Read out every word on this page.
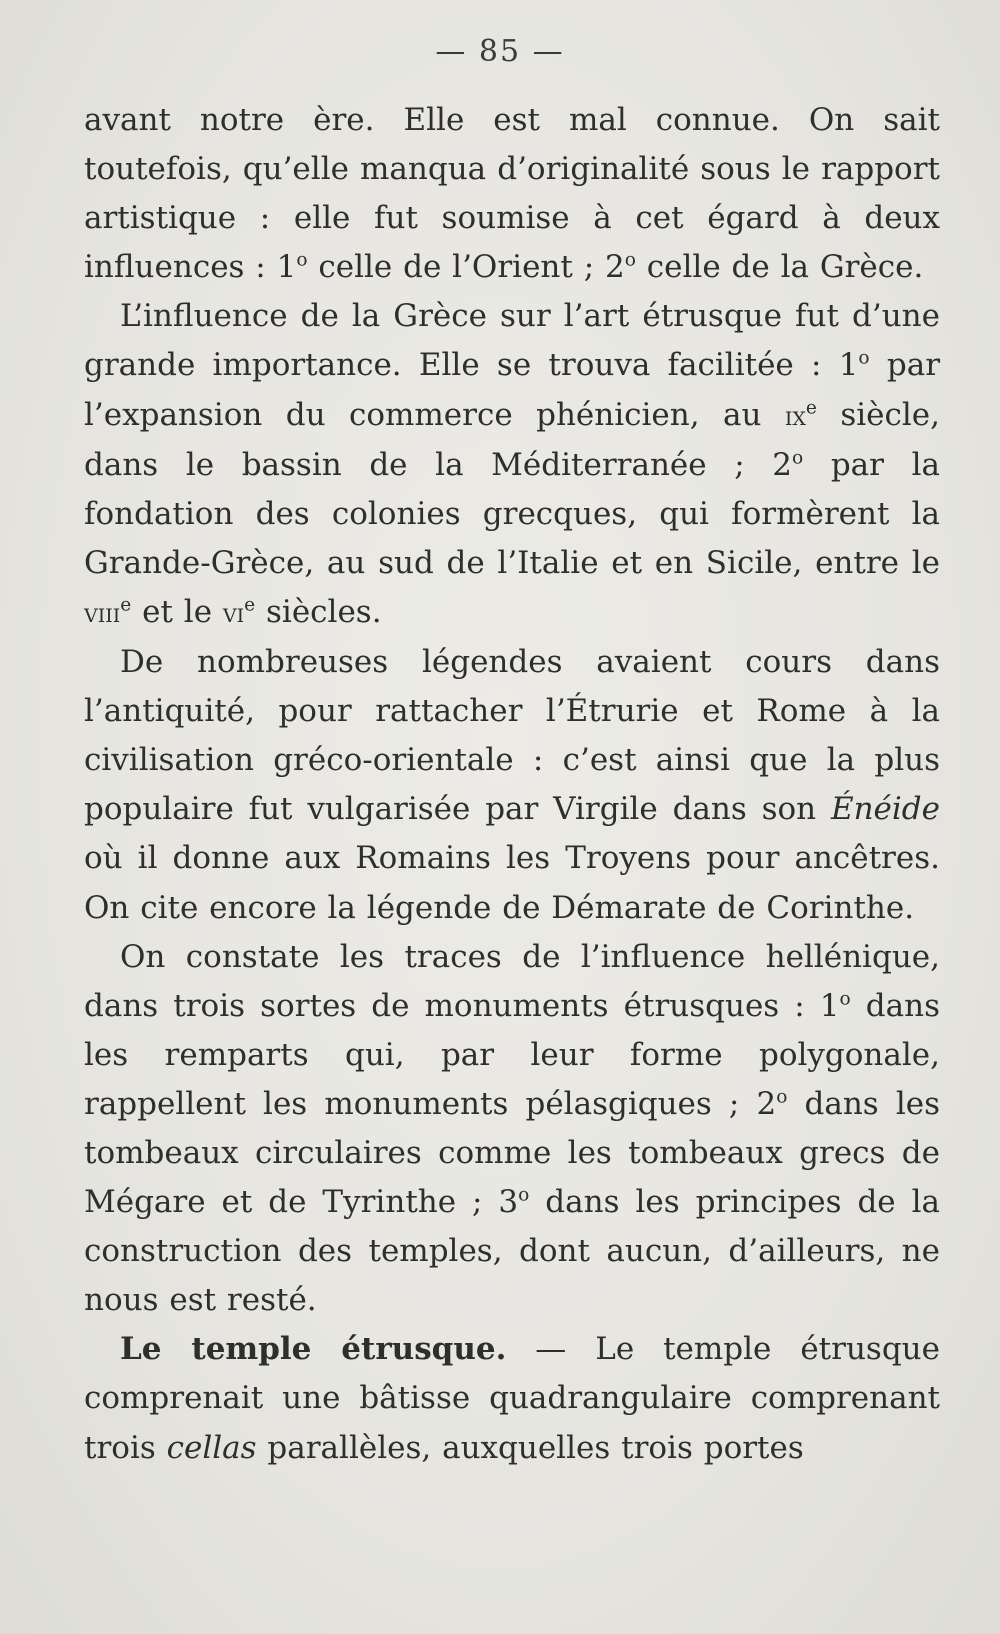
— 85 —

avant notre ère. Elle est mal connue. On sait toutefois, qu’elle manqua d’originalité sous le rapport artistique : elle fut soumise à cet égard à deux influences : 1$^o$ celle de l’Orient ; 2$^o$ celle de la Grèce.

L’influence de la Grèce sur l’art étrusque fut d’une grande importance. Elle se trouva facilitée : 1$^o$ par l’expansion du commerce phénicien, au $ix^e$ siècle, dans le bassin de la Méditerranée ; 2$^o$ par la fondation des colonies grecques, qui formèrent la Grande-Grèce, au sud de l’Italie et en Sicile, entre le viii$^e$ et le $vi^e$ siècles.

De nombreuses légendes avaient cours dans l’antiquité, pour rattacher l’Étrurie et Rome à la civilisation gréco-orientale : c’est ainsi que la plus populaire fut vulgarisée par Virgile dans son Énéide où il donne aux Romains les Troyens pour ancêtres. On cite encore la légende de Démarate de Corinthe.

On constate les traces de l’influence hellénique, dans trois sortes de monuments étrusques : 1$^o$ dans les remparts qui, par leur forme polygonale, rappellent les monuments pélasgiques ; 2$^o$ dans les tombeaux circulaires comme les tombeaux grecs de Mégare et de Tyrinthe ; 3$^o$ dans les principes de la construction des temples, dont aucun, d’ailleurs, ne nous est resté.

Le temple étrusque. — Le temple étrusque comprenait une bâtisse quadrangulaire comprenant trois cellas parallèles, auxquelles trois portes
